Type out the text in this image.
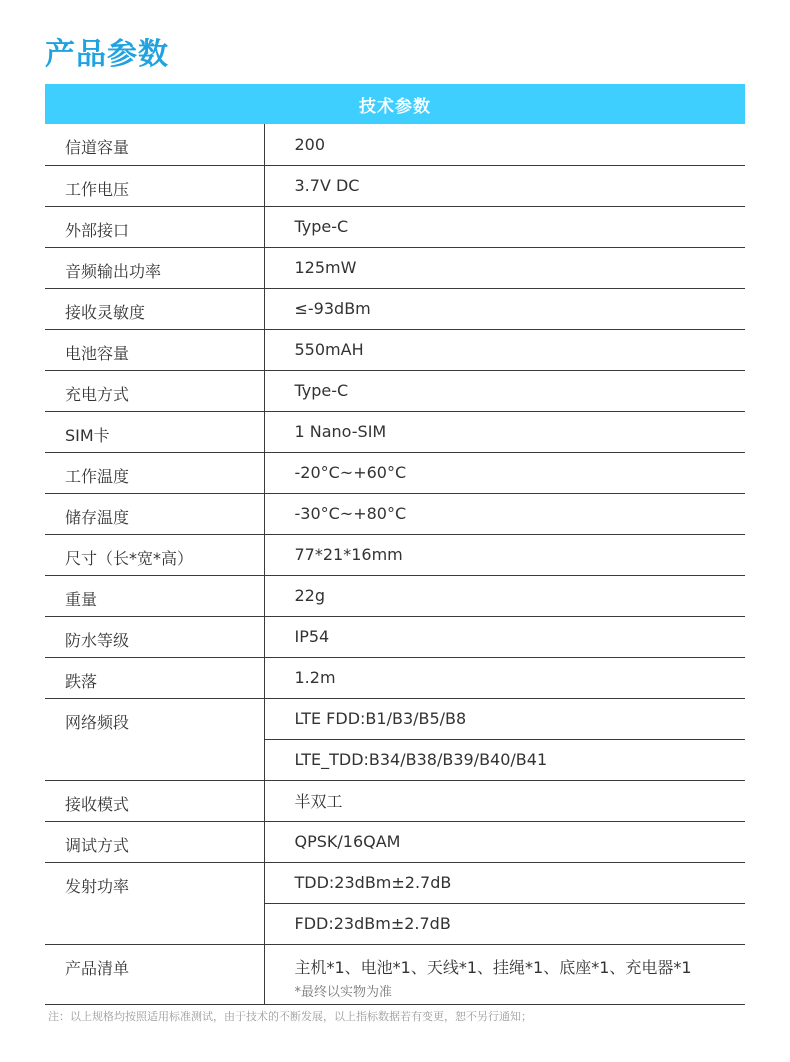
产品参数
技术参数	
信道容量	200
工作电压	3.7V DC
外部接口	Type-C
音频输出功率	125mW
接收灵敏度	≤-93dBm
电池容量	550mAH
充电方式	Type-C
SIM卡	1 Nano-SIM
工作温度	-20°C~+60°C
储存温度	-30°C~+80°C
尺寸（长*宽*高）	77*21*16mm
重量	22g
防水等级	IP54
跌落	1.2m
网络频段	LTE FDD:B1/B3/B5/B8
	LTE_TDD:B34/B38/B39/B40/B41
接收模式	半双工
调试方式	QPSK/16QAM
发射功率	TDD:23dBm±2.7dB
	FDD:23dBm±2.7dB
产品清单	主机*1、电池*1、天线*1、挂绳*1、底座*1、充电器*1
*最终以实物为准
注：以上规格均按照适用标准测试，由于技术的不断发展，以上指标数据若有变更，恕不另行通知；
